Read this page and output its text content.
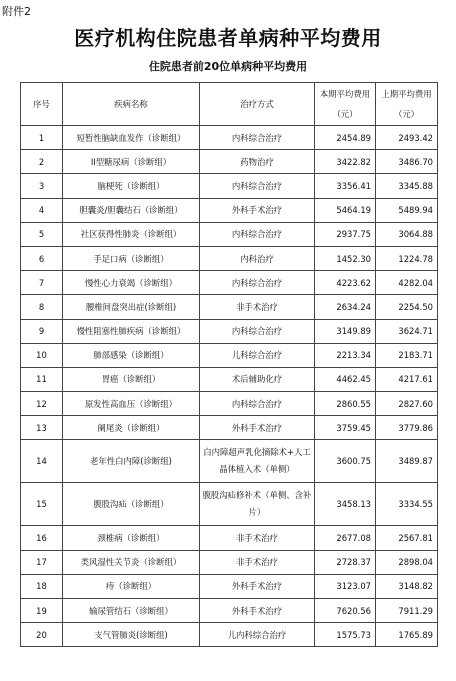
附件2
医疗机构住院患者单病种平均费用
住院患者前20位单病种平均费用
序号	疾病名称	治疗方式	本期平均费用（元）	上期平均费用（元）
1	短暂性脑缺血发作（诊断组）	内科综合治疗	2454.89	2493.42
2	II型糖尿病（诊断组）	药物治疗	3422.82	3486.70
3	脑梗死（诊断组）	内科综合治疗	3356.41	3345.88
4	胆囊炎/胆囊结石（诊断组）	外科手术治疗	5464.19	5489.94
5	社区获得性肺炎（诊断组）	内科综合治疗	2937.75	3064.88
6	手足口病（诊断组）	内科治疗	1452.30	1224.78
7	慢性心力衰竭（诊断组）	内科综合治疗	4223.62	4282.04
8	腰椎间盘突出症(诊断组)	非手术治疗	2634.24	2254.50
9	慢性阻塞性肺疾病（诊断组）	内科综合治疗	3149.89	3624.71
10	肺部感染（诊断组）	儿科综合治疗	2213.34	2183.71
11	胃癌（诊断组）	术后辅助化疗	4462.45	4217.61
12	原发性高血压（诊断组）	内科综合治疗	2860.55	2827.60
13	阑尾炎（诊断组）	外科手术治疗	3759.45	3779.86
14	老年性白内障(诊断组)	白内障超声乳化摘除术+人工晶体植入术（单侧）	3600.75	3489.87
15	腹股沟疝（诊断组）	腹股沟疝修补术（单侧、含补片）	3458.13	3334.55
16	颈椎病（诊断组）	非手术治疗	2677.08	2567.81
17	类风湿性关节炎（诊断组）	非手术治疗	2728.37	2898.04
18	痔（诊断组）	外科手术治疗	3123.07	3148.82
19	输尿管结石（诊断组）	外科手术治疗	7620.56	7911.29
20	支气管肺炎(诊断组)	儿内科综合治疗	1575.73	1765.89
